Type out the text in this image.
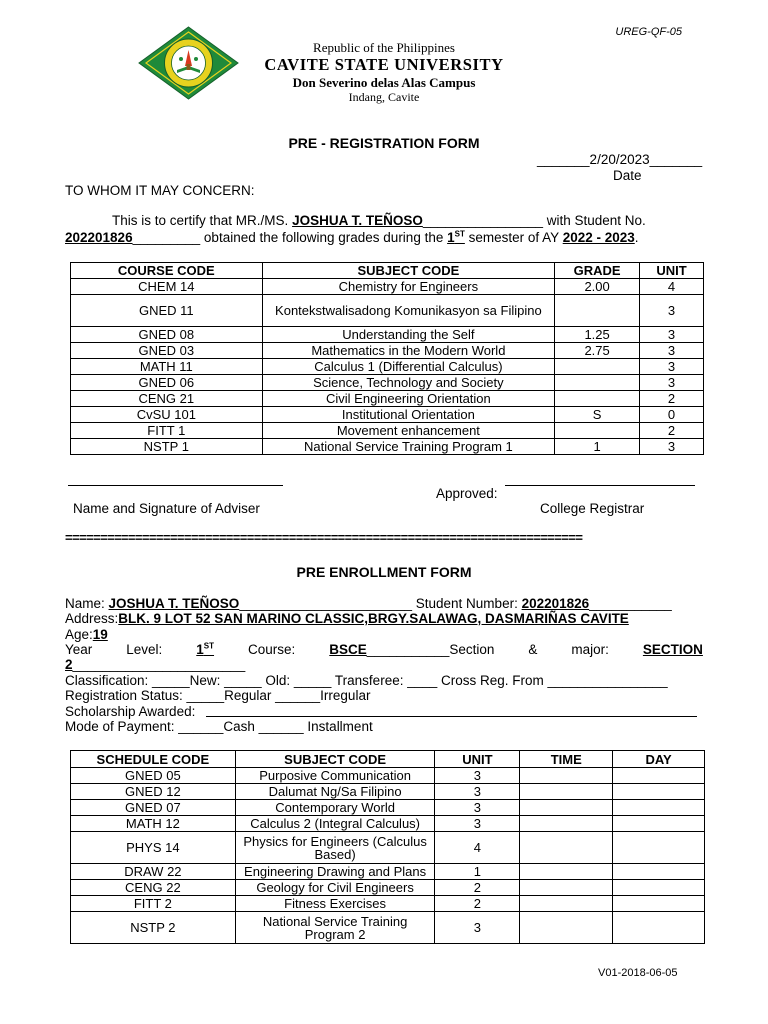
UREG-QF-05
Republic of the Philippines
CAVITE STATE UNIVERSITY
Don Severino delas Alas Campus
Indang, Cavite
PRE - REGISTRATION FORM
_______2/20/2023_______
Date
TO WHOM IT MAY CONCERN:
This is to certify that MR./MS. JOSHUA T. TEÑOSO________________ with Student No.
202201826_________ obtained the following grades during the 1ST semester of AY 2022 - 2023.
COURSE CODE	SUBJECT CODE	GRADE	UNIT
CHEM 14	Chemistry for Engineers	2.00	4
GNED 11	Kontekstwalisadong Komunikasyon sa Filipino		3
GNED 08	Understanding the Self	1.25	3
GNED 03	Mathematics in the Modern World	2.75	3
MATH 11	Calculus 1 (Differential Calculus)		3
GNED 06	Science, Technology and Society		3
CENG 21	Civil Engineering Orientation		2
CvSU 101	Institutional Orientation	S	0
FITT 1	Movement enhancement		2
NSTP 1	National Service Training Program 1	1	3
Name and Signature of Adviser
Approved:
College Registrar
==========================================================================
PRE ENROLLMENT FORM
Name: JOSHUA T. TEÑOSO_______________________ Student Number: 202201826___________
Address:BLK. 9 LOT 52 SAN MARINO CLASSIC,BRGY.SALAWAG, DASMARIÑAS CAVITE
Age:19
Year	Level:	1ST	Course:	BSCE___________Section	&	major:	SECTION
2_______________________
Classification: _____New: _____ Old: _____ Transferee: ____ Cross Reg. From ________________
Registration Status: _____Regular ______Irregular
Scholarship Awarded:
Mode of Payment: ______Cash ______ Installment
SCHEDULE CODE	SUBJECT CODE	UNIT	TIME	DAY
GNED 05	Purposive Communication	3		
GNED 12	Dalumat Ng/Sa Filipino	3		
GNED 07	Contemporary World	3		
MATH 12	Calculus 2 (Integral Calculus)	3		
PHYS 14	Physics for Engineers (Calculus Based)	4		
DRAW 22	Engineering Drawing and Plans	1		
CENG 22	Geology for Civil Engineers	2		
FITT 2	Fitness Exercises	2		
NSTP 2	National Service Training Program 2	3		
V01-2018-06-05
